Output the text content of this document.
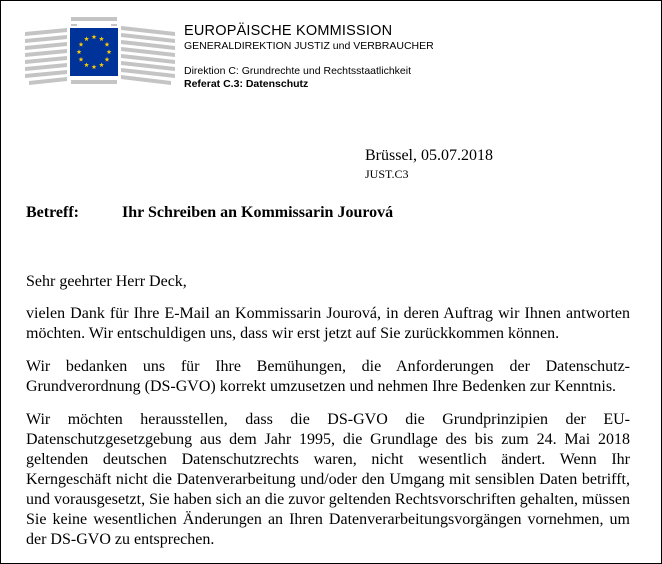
EUROPÄISCHE KOMMISSION
GENERALDIREKTION JUSTIZ und VERBRAUCHER
Direktion C: Grundrechte und Rechtsstaatlichkeit
Referat C.3: Datenschutz
Brüssel, 05.07.2018
JUST.C3
Betreff:	Ihr Schreiben an Kommissarin Jourová

Sehr geehrter Herr Deck,

vielen Dank für Ihre E-Mail an Kommissarin Jourová, in deren Auftrag wir Ihnen antworten möchten. Wir entschuldigen uns, dass wir erst jetzt auf Sie zurückkommen können.

Wir bedanken uns für Ihre Bemühungen, die Anforderungen der Datenschutz-Grundverordnung (DS-GVO) korrekt umzusetzen und nehmen Ihre Bedenken zur Kenntnis.

Wir möchten herausstellen, dass die DS-GVO die Grundprinzipien der EU-Datenschutzgesetzgebung aus dem Jahr 1995, die Grundlage des bis zum 24. Mai 2018 geltenden deutschen Datenschutzrechts waren, nicht wesentlich ändert. Wenn Ihr Kerngeschäft nicht die Datenverarbeitung und/oder den Umgang mit sensiblen Daten betrifft, und vorausgesetzt, Sie haben sich an die zuvor geltenden Rechtsvorschriften gehalten, müssen Sie keine wesentlichen Änderungen an Ihren Datenverarbeitungsvorgängen vornehmen, um der DS-GVO zu entsprechen.
